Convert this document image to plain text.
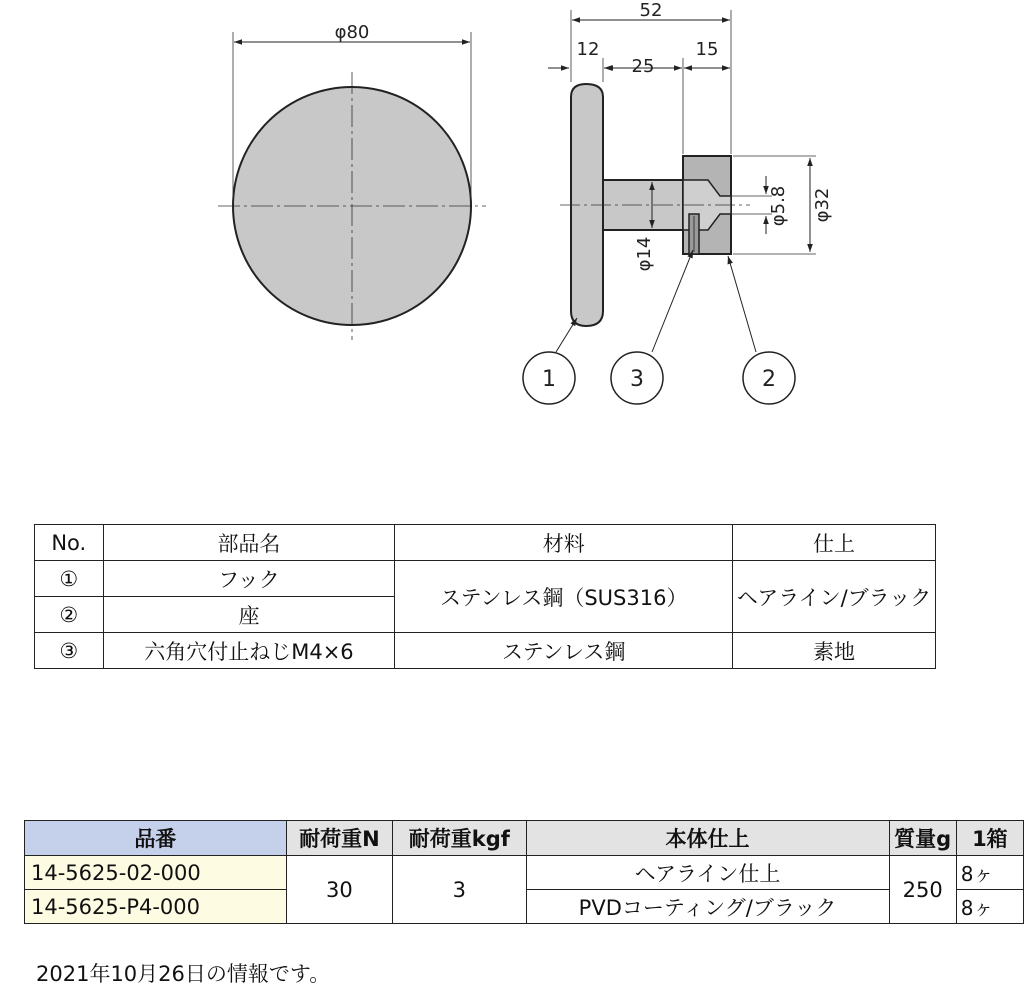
φ80
52
12
25
15
φ14
φ5.8 φ32
1	3	2
No.	部品名	材料	仕上
①	フック	ステンレス鋼（SUS316）	ヘアライン/ブラック
②	座		
③	六角穴付止ねじM4×6	ステンレス鋼	素地
品番	耐荷重N	耐荷重kgf	本体仕上	質量g	1箱
14-5625-02-000	30	3	ヘアライン仕上	250	8ヶ
14-5625-P4-000			PVDコーティング/ブラック		8ヶ
2021年10月26日の情報です。
